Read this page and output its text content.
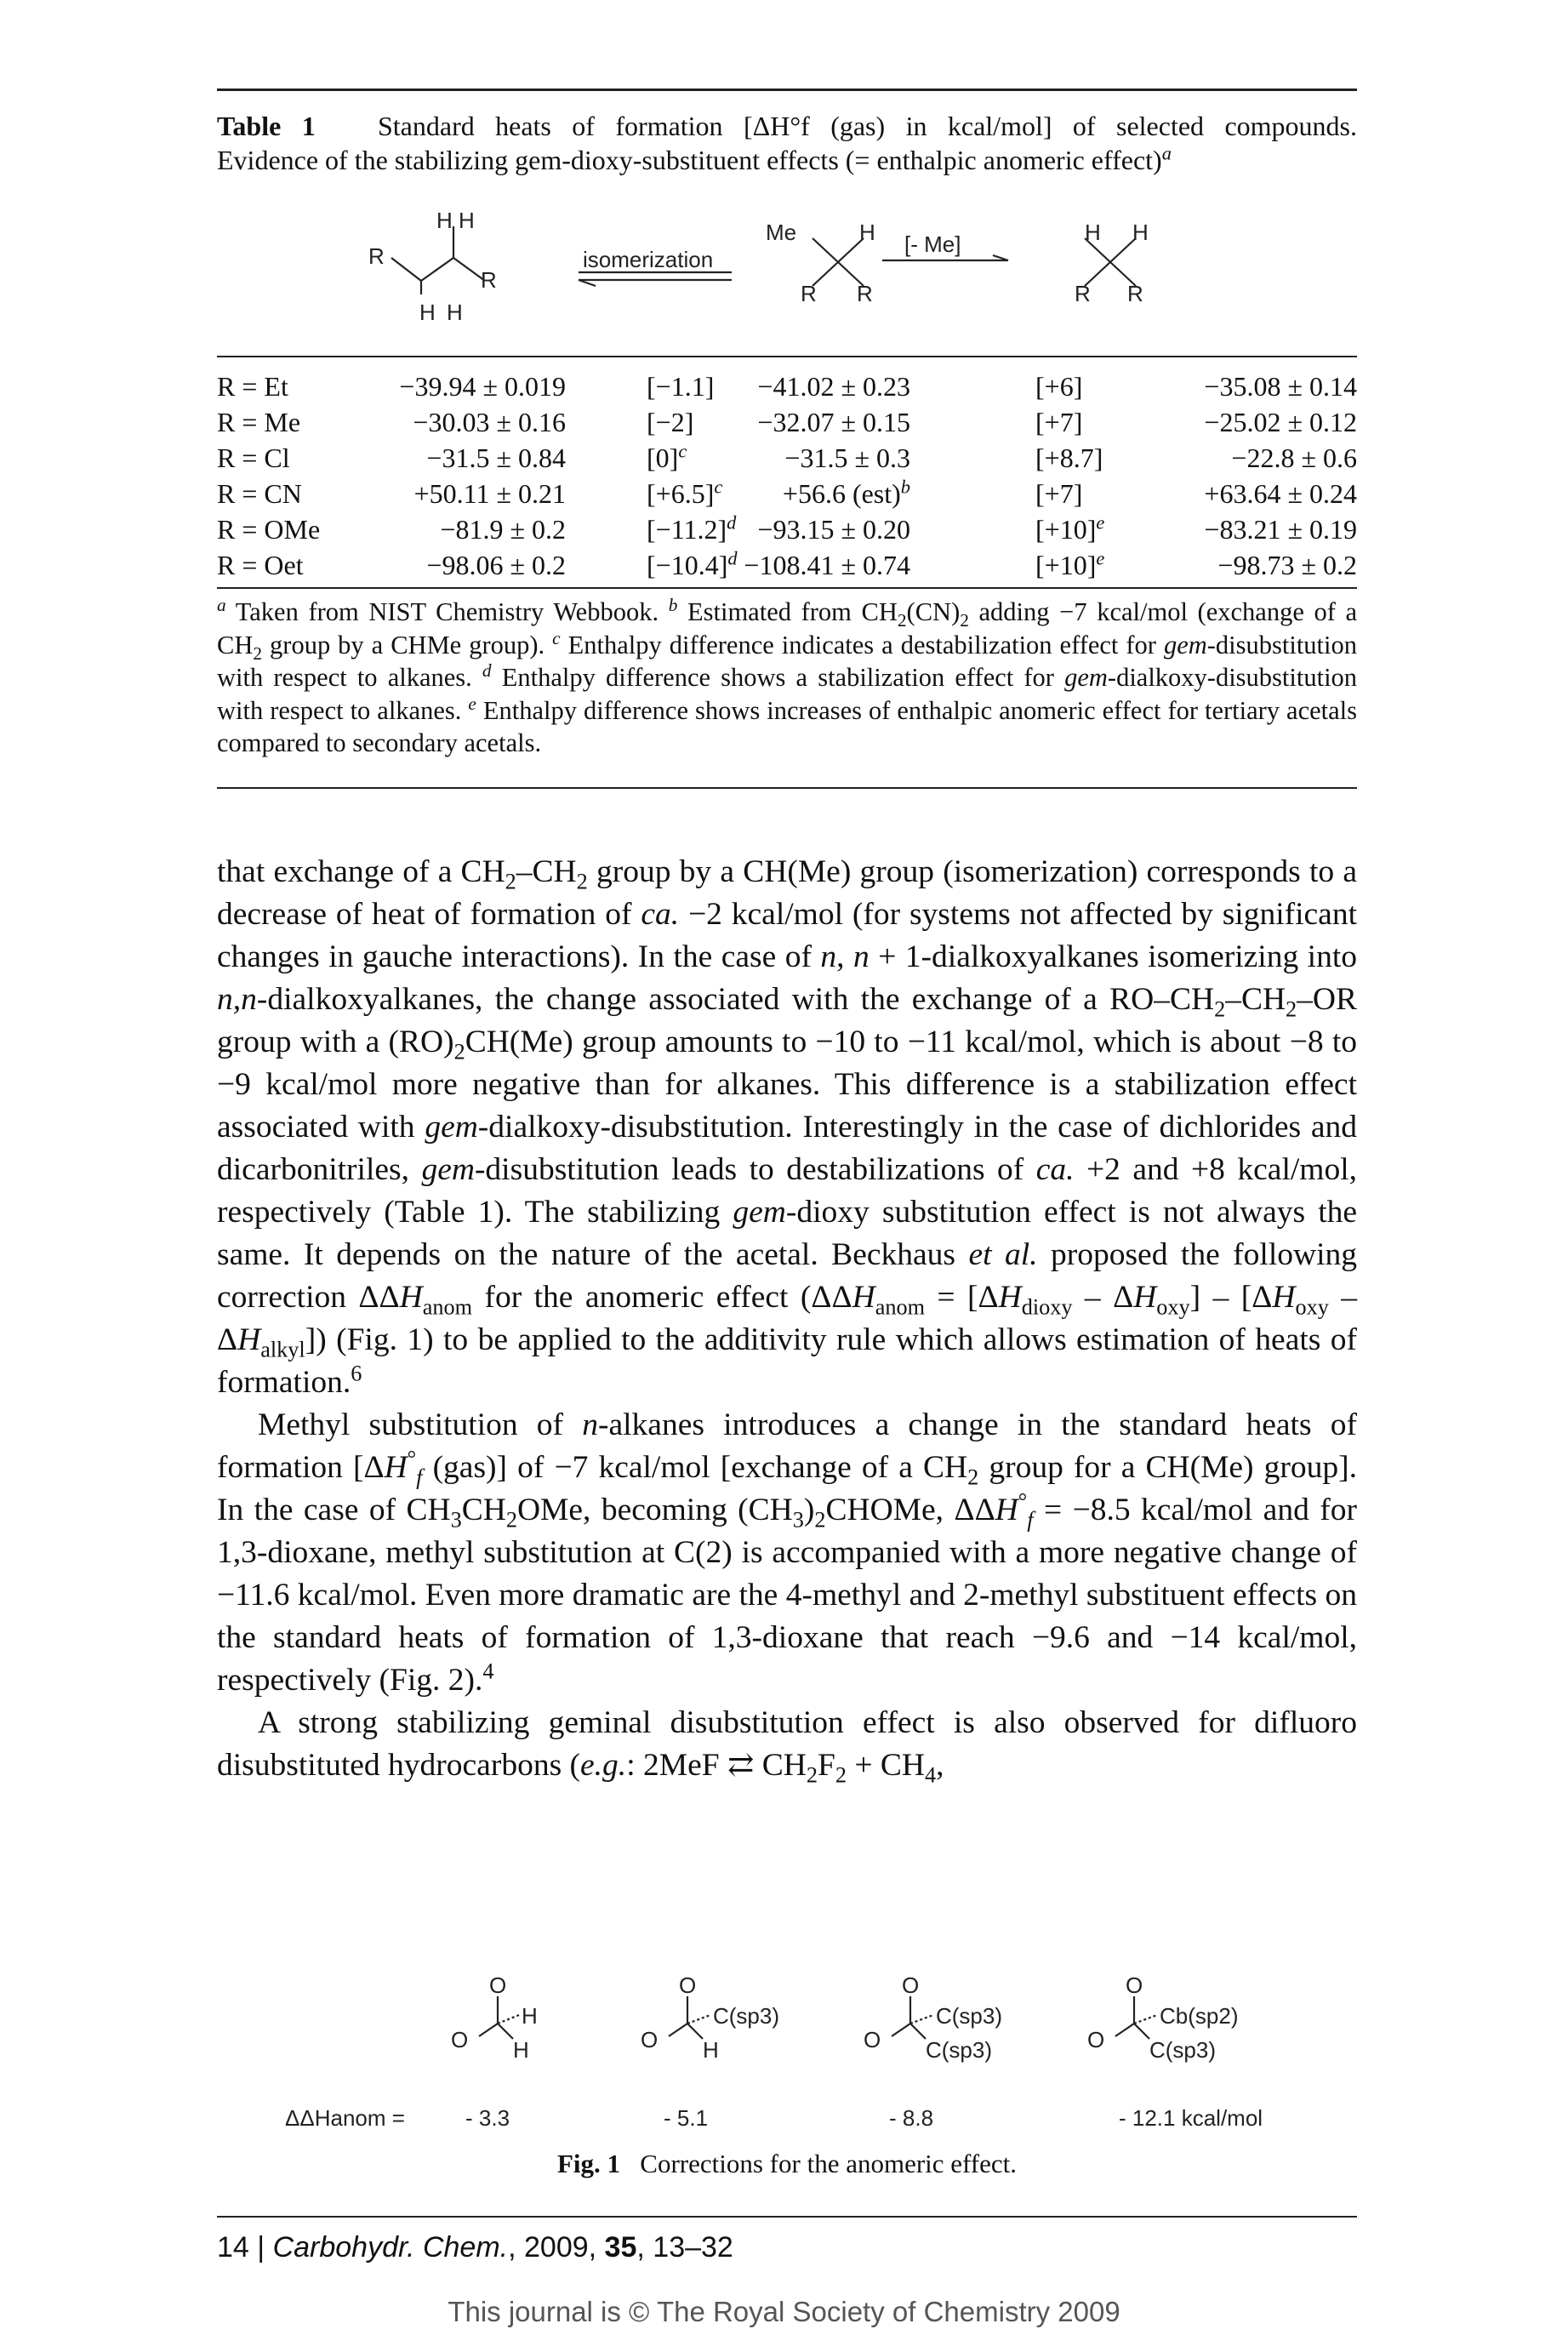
Table 1 Standard heats of formation [ΔH°f (gas) in kcal/mol] of selected compounds.
Evidence of the stabilizing gem-dioxy-substituent effects (= enthalpic anomeric effect)$^a$
H H
R
R
H H
isomerization
Me	H
R R
[- Me]	H H
R R
R = Et	−39.94 ± 0.019	[−1.1] −41.02 ± 0.23	[+6]	−35.08 ± 0.14
R = Me	−30.03 ± 0.16	[−2] −32.07 ± 0.15	[+7]	−25.02 ± 0.12
R = Cl	−31.5 ± 0.84	$[0]^c$	−31.5 ± 0.3	[+8.7]	−22.8 ± 0.6
R = CN	+50.11 ± 0.21	$[+6.5]^c +56.6$ (est)$^b$	[+7]	+63.64 ± 0.24
R = OMe	−81.9 ± 0.2	$[-11.2]^d -93.15 \pm 0.20$	$[+10]^e$	−83.21 ± 0.19
R = Oet	−98.06 ± 0.2	$[-10.4]^d -108.41 \pm 0.74$	$[+10]^e$	−98.73 ± 0.2
$^a$ Taken from NIST Chemistry Webbook. $^b$ Estimated from $CH_2(CN)_2$ adding −7 kcal/mol (exchange of a $CH_2$ group by a CHMe group). $^c$ Enthalpy difference indicates a destabilization effect for gem-disubstitution with respect to alkanes. $^d$ Enthalpy difference shows a stabilization effect for gem-dialkoxy-disubstitution with respect to alkanes. $^e$ Enthalpy difference shows increases of enthalpic anomeric effect for tertiary acetals compared to secondary acetals.

that exchange of a $CH_2-CH_2$ group by a CH(Me) group (isomerization) corresponds to a decrease of heat of formation of ca. −2 kcal/mol (for systems not affected by significant changes in gauche interactions). In the case of n, n + 1-dialkoxyalkanes isomerizing into n,n-dialkoxyalkanes, the change associated with the exchange of a $RO-CH_2-CH_2-OR$ group with a $(RO)_2CH(Me)$ group amounts to −10 to −11 kcal/mol, which is about −8 to −9 kcal/mol more negative than for alkanes. This difference is a stabilization effect associated with gem-dialkoxy-disubstitution. Interestingly in the case of dichlorides and dicarbonitriles, gem-disubstitution leads to destabilizations of ca. +2 and +8 kcal/mol, respectively (Table 1). The stabilizing gem-dioxy substitution effect is not always the same. It depends on the nature of the acetal. Beckhaus et al. proposed the following correction $\Delta\Delta H_{anom}$ for the anomeric effect $(\Delta\Delta H_{anom} = [\Delta H_{dioxy} - \Delta H_{oxy}] - [\Delta H_{oxy} - \Delta H_{alkyl}])$ (Fig. 1) to be applied to the additivity rule which allows estimation of heats of formation.$^6$

Methyl substitution of n-alkanes introduces a change in the standard heats of formation [$\Delta H^\circ_f$ (gas)] of −7 kcal/mol [exchange of a $CH_2$ group for a CH(Me) group]. In the case of $CH_3CH_2OMe$, becoming $(CH_3)_2CHOMe$, $\Delta\Delta H^\circ_f = -8.5$ kcal/mol and for 1,3-dioxane, methyl substitution at C(2) is accompanied with a more negative change of −11.6 kcal/mol. Even more dramatic are the 4-methyl and 2-methyl substituent effects on the standard heats of formation of 1,3-dioxane that reach −9.6 and −14 kcal/mol, respectively (Fig. 2).$^4$

A strong stabilizing geminal disubstitution effect is also observed for difluoro disubstituted hydrocarbons (e.g.: 2MeF ⇄ $CH_2F_2 + CH_4$,

O
O
H
H
O
O
C(sp3)
H
O
O
C(sp3)
C(sp3)
O
O
Cb(sp2)
C(sp3)
ΔΔHanom =	- 3.3	- 5.1	- 8.8	- 12.1 kcal/mol
Fig. 1 Corrections for the anomeric effect.
14 | Carbohydr. Chem., 2009, 35, 13–32
This journal is © The Royal Society of Chemistry 2009
